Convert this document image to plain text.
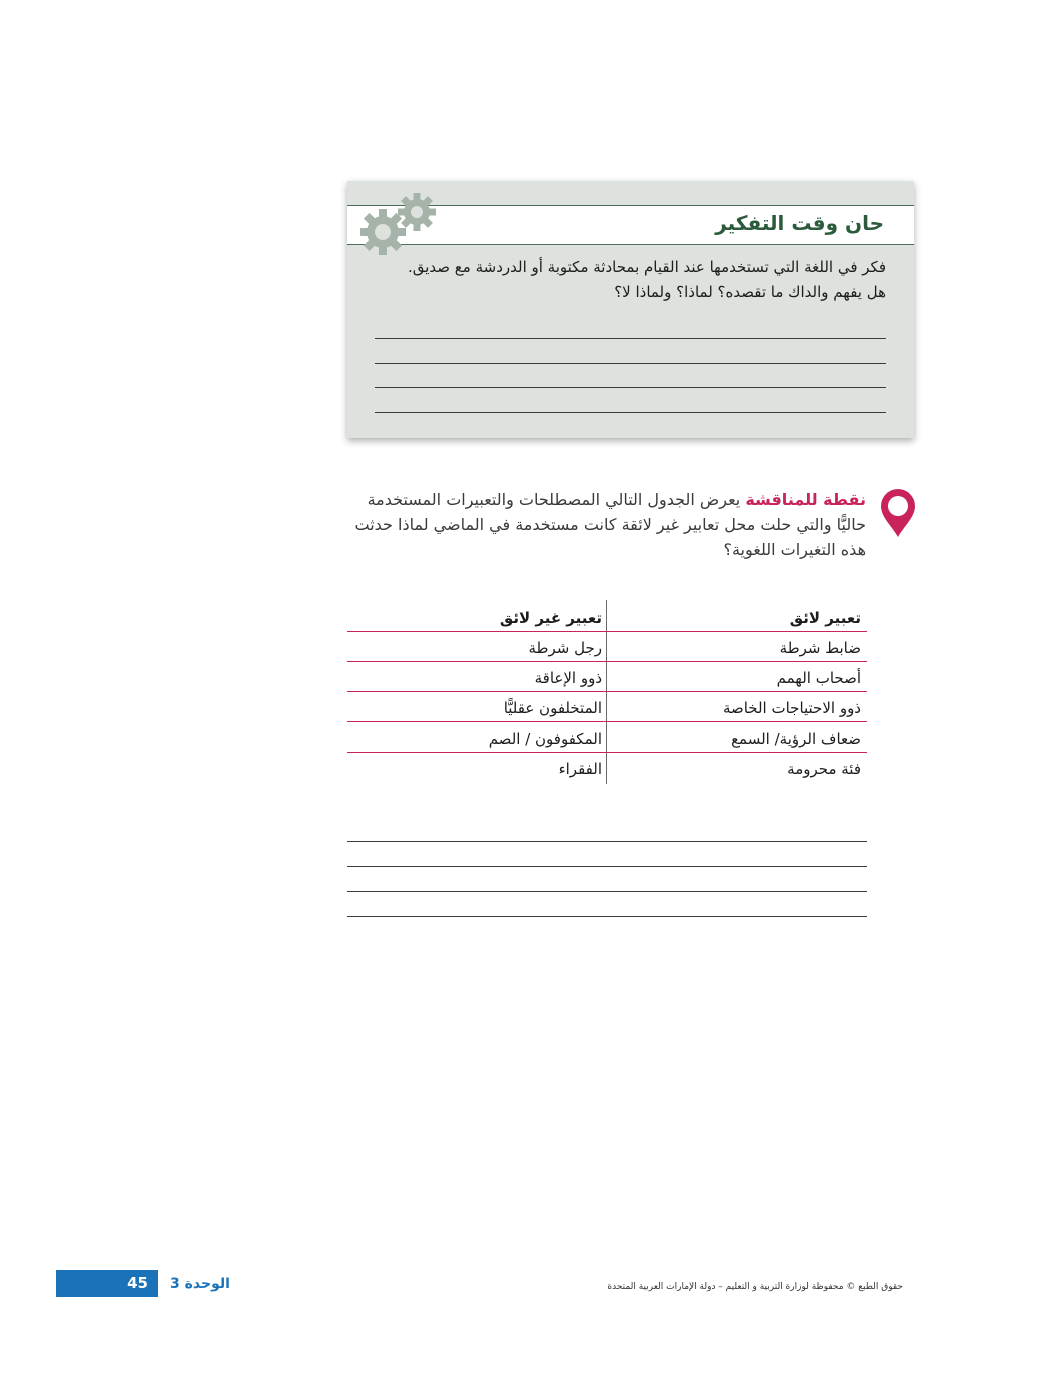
حان وقت التفكير

فكر في اللغة التي تستخدمها عند القيام بمحادثة مكتوبة أو الدردشة مع صديق.

هل يفهم والداك ما تقصده؟ لماذا؟ ولماذا لا؟

نقطة للمناقشة يعرض الجدول التالي المصطلحات والتعبيرات المستخدمة حاليًّا والتي حلت محل تعابير غير لائقة كانت مستخدمة في الماضي لماذا حدثت هذه التغيرات اللغوية؟
تعبير لائق
تعبير غير لائق
ضابط شرطة
رجل شرطة
أصحاب الهمم
ذوو الإعاقة
ذوو الاحتياجات الخاصة
المتخلفون عقليًّا
ضعاف الرؤية/ السمع
المكفوفون / الصم
فئة محرومة
الفقراء
45 الوحدة 3	حقوق الطبع © محفوظة لوزارة التربية و التعليم – دولة الإمارات العربية المتحدة
